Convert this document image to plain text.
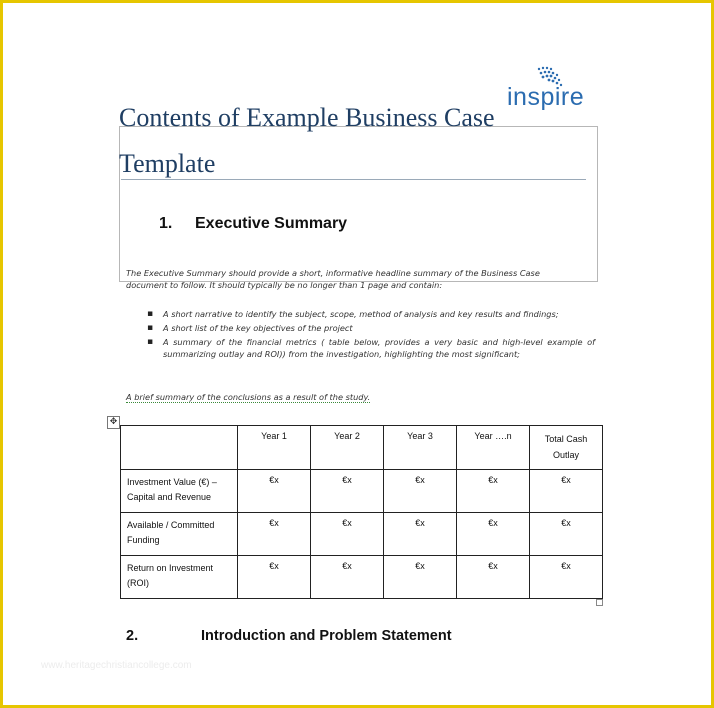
inspire
Contents of Example Business Case Template
1. Executive Summary
The Executive Summary should provide a short, informative headline summary of the Business Case document to follow. It should typically be no longer than 1 page and contain:
▪ A short narrative to identify the subject, scope, method of analysis and key results and findings;
▪ A short list of the key objectives of the project
▪ A summary of the financial metrics ( table below, provides a very basic and high-level example of summarizing outlay and ROI)) from the investigation, highlighting the most significant;
A brief summary of the conclusions as a result of the study.
✥
	Year 1	Year 2	Year 3	Year ….n	Total Cash Outlay
Investment Value (€) – Capital and Revenue	€x	€x	€x	€x	€x
Available / Committed Funding	€x	€x	€x	€x	€x
Return on Investment (ROI)	€x	€x	€x	€x	€x
2.	Introduction and Problem Statement
www.heritagechristiancollege.com
